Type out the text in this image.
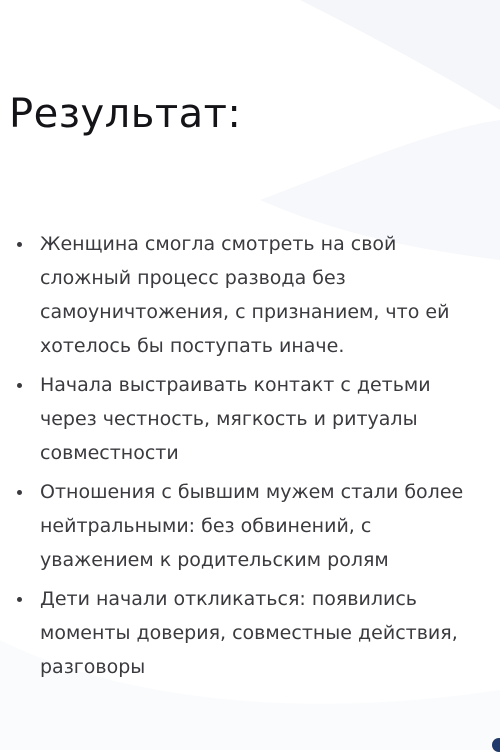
Результат:
Женщина смогла смотреть на свой сложный процесс развода без самоуничтожения, с признанием, что ей хотелось бы поступать иначе.
Начала выстраивать контакт с детьми через честность, мягкость и ритуалы совместности
Отношения с бывшим мужем стали более нейтральными: без обвинений, с уважением к родительским ролям
Дети начали откликаться: появились моменты доверия, совместные действия, разговоры
